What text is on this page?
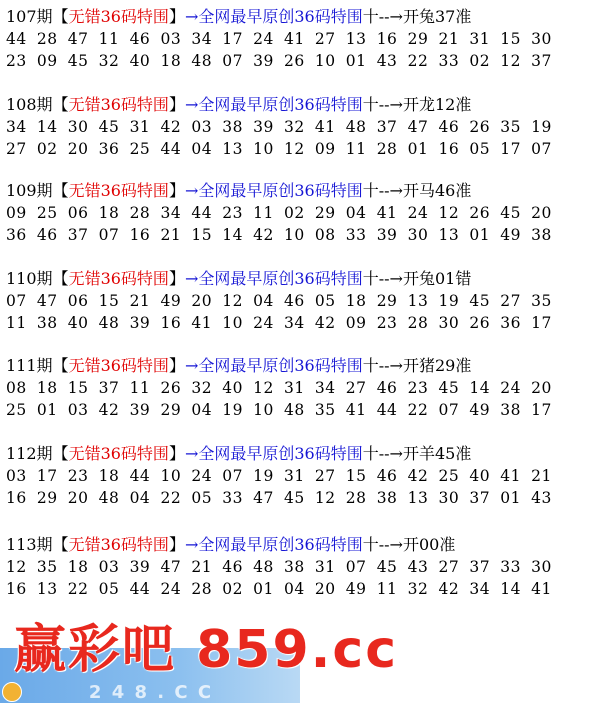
107期【无错36码特围】→全网最早原创36码特围十--→开兔37准
44 28 47 11 46 03 34 17 24 41 27 13 16 29 21 31 15 30
23 09 45 32 40 18 48 07 39 26 10 01 43 22 33 02 12 37
108期【无错36码特围】→全网最早原创36码特围十--→开龙12准
34 14 30 45 31 42 03 38 39 32 41 48 37 47 46 26 35 19
27 02 20 36 25 44 04 13 10 12 09 11 28 01 16 05 17 07
109期【无错36码特围】→全网最早原创36码特围十--→开马46准
09 25 06 18 28 34 44 23 11 02 29 04 41 24 12 26 45 20
36 46 37 07 16 21 15 14 42 10 08 33 39 30 13 01 49 38
110期【无错36码特围】→全网最早原创36码特围十--→开兔01错
07 47 06 15 21 49 20 12 04 46 05 18 29 13 19 45 27 35
11 38 40 48 39 16 41 10 24 34 42 09 23 28 30 26 36 17
111期【无错36码特围】→全网最早原创36码特围十--→开猪29准
08 18 15 37 11 26 32 40 12 31 34 27 46 23 45 14 24 20
25 01 03 42 39 29 04 19 10 48 35 41 44 22 07 49 38 17
112期【无错36码特围】→全网最早原创36码特围十--→开羊45准
03 17 23 18 44 10 24 07 19 31 27 15 46 42 25 40 41 21
16 29 20 48 04 22 05 33 47 45 12 28 38 13 30 37 01 43
113期【无错36码特围】→全网最早原创36码特围十--→开00准
12 35 18 03 39 47 21 46 48 38 31 07 45 43 27 37 33 30
16 13 22 05 44 24 28 02 01 04 20 49 11 32 42 34 14 41
2 4 8 . C C
赢彩吧 859.cc
